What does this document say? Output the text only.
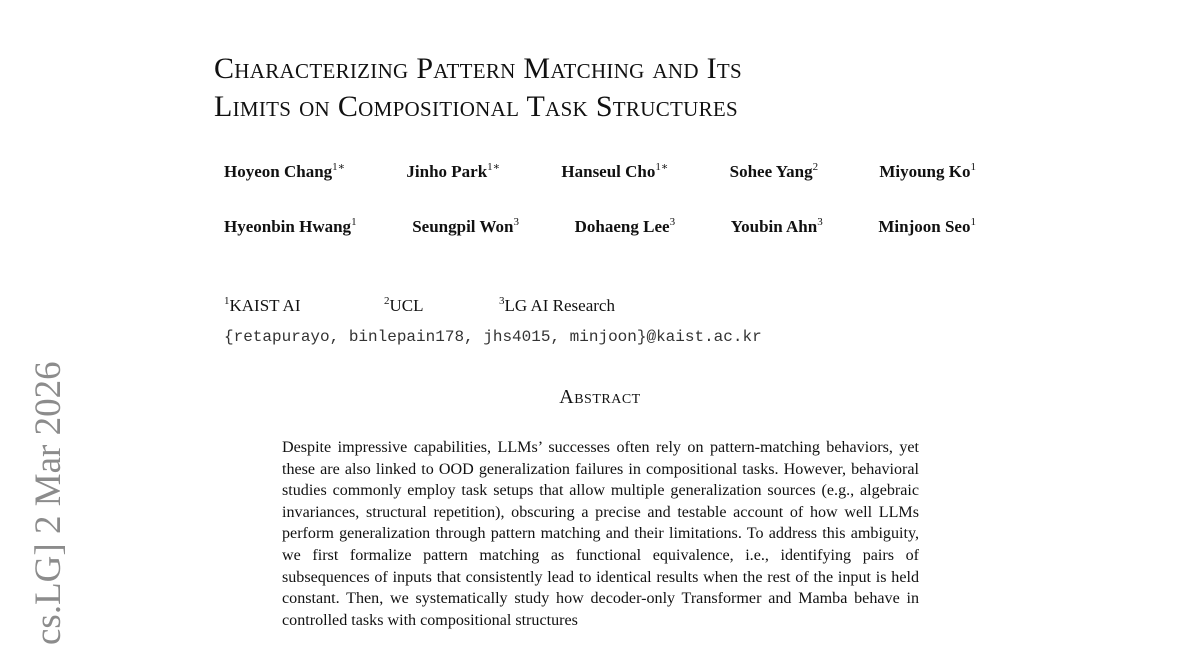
cs.LG] 2 Mar 2026
Characterizing Pattern Matching and Its
Limits on Compositional Task Structures
Hoyeon Chang$^{1∗}$	Jinho Park$^{1∗}$	Hanseul Cho$^{1∗}$	Sohee Yang$^2$	Miyoung Ko$^1$
Hyeonbin Hwang$^1$	Seungpil Won$^3$	Dohaeng Lee$^3$	Youbin Ahn$^3$	Minjoon Seo$^1$
$^1$KAIST AI	$^2$UCL	$^3$LG AI Research
{retapurayo, binlepain178, jhs4015, minjoon}@kaist.ac.kr
Abstract

Despite impressive capabilities, LLMs’ successes often rely on pattern-matching behaviors, yet these are also linked to OOD generalization failures in compositional tasks. However, behavioral studies commonly employ task setups that allow multiple generalization sources (e.g., algebraic invariances, structural repetition), obscuring a precise and testable account of how well LLMs perform generalization through pattern matching and their limitations. To address this ambiguity, we first formalize pattern matching as functional equivalence, i.e., identifying pairs of subsequences of inputs that consistently lead to identical results when the rest of the input is held constant. Then, we systematically study how decoder-only Transformer and Mamba behave in controlled tasks with compositional structures
